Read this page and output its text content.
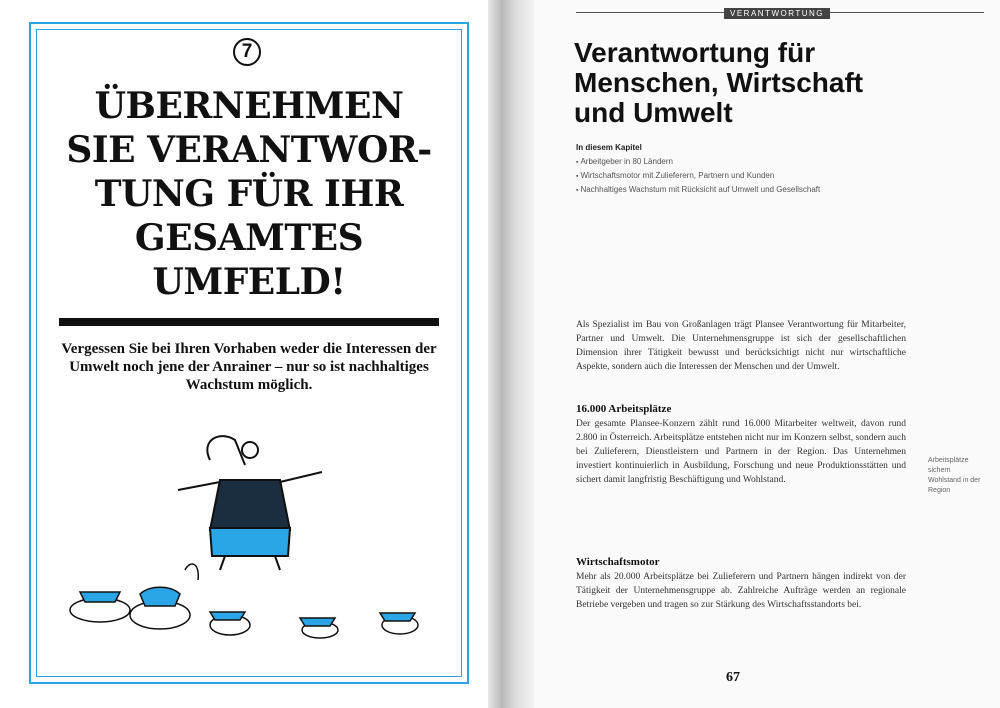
7
ÜBERNEHMEN
SIE VERANTWOR-
TUNG FÜR IHR
GESAMTES
UMFELD!
Vergessen Sie bei Ihren Vorhaben weder die Interessen der Umwelt noch jene der Anrainer – nur so ist nachhaltiges Wachstum möglich.
VERANTWORTUNG
Verantwortung für
Menschen, Wirtschaft
und Umwelt
In diesem Kapitel
▪ Arbeitgeber in 80 Ländern
▪ Wirtschaftsmotor mit Zulieferern, Partnern und Kunden
▪ Nachhaltiges Wachstum mit Rücksicht auf Umwelt und Gesellschaft
Als Spezialist im Bau von Großanlagen trägt Plansee Verantwortung für Mitarbeiter, Partner und Umwelt. Die Unternehmensgruppe ist sich der gesellschaftlichen Dimension ihrer Tätigkeit bewusst und berücksichtigt nicht nur wirtschaftliche Aspekte, sondern auch die Interessen der Menschen und der Umwelt.
16.000 Arbeitsplätze
Der gesamte Plansee-Konzern zählt rund 16.000 Mitarbeiter weltweit, davon rund 2.800 in Österreich. Arbeitsplätze entstehen nicht nur im Konzern selbst, sondern auch bei Zulieferern, Dienstleistern und Partnern in der Region. Das Unternehmen investiert kontinuierlich in Ausbildung, Forschung und neue Produktionsstätten und sichert damit langfristig Beschäftigung und Wohlstand.
Wirtschaftsmotor
Mehr als 20.000 Arbeitsplätze bei Zulieferern und Partnern hängen indirekt von der Tätigkeit der Unternehmensgruppe ab. Zahlreiche Aufträge werden an regionale Betriebe vergeben und tragen so zur Stärkung des Wirtschaftsstandorts bei.
Arbeitsplätze sichern Wohlstand in der Region
67
